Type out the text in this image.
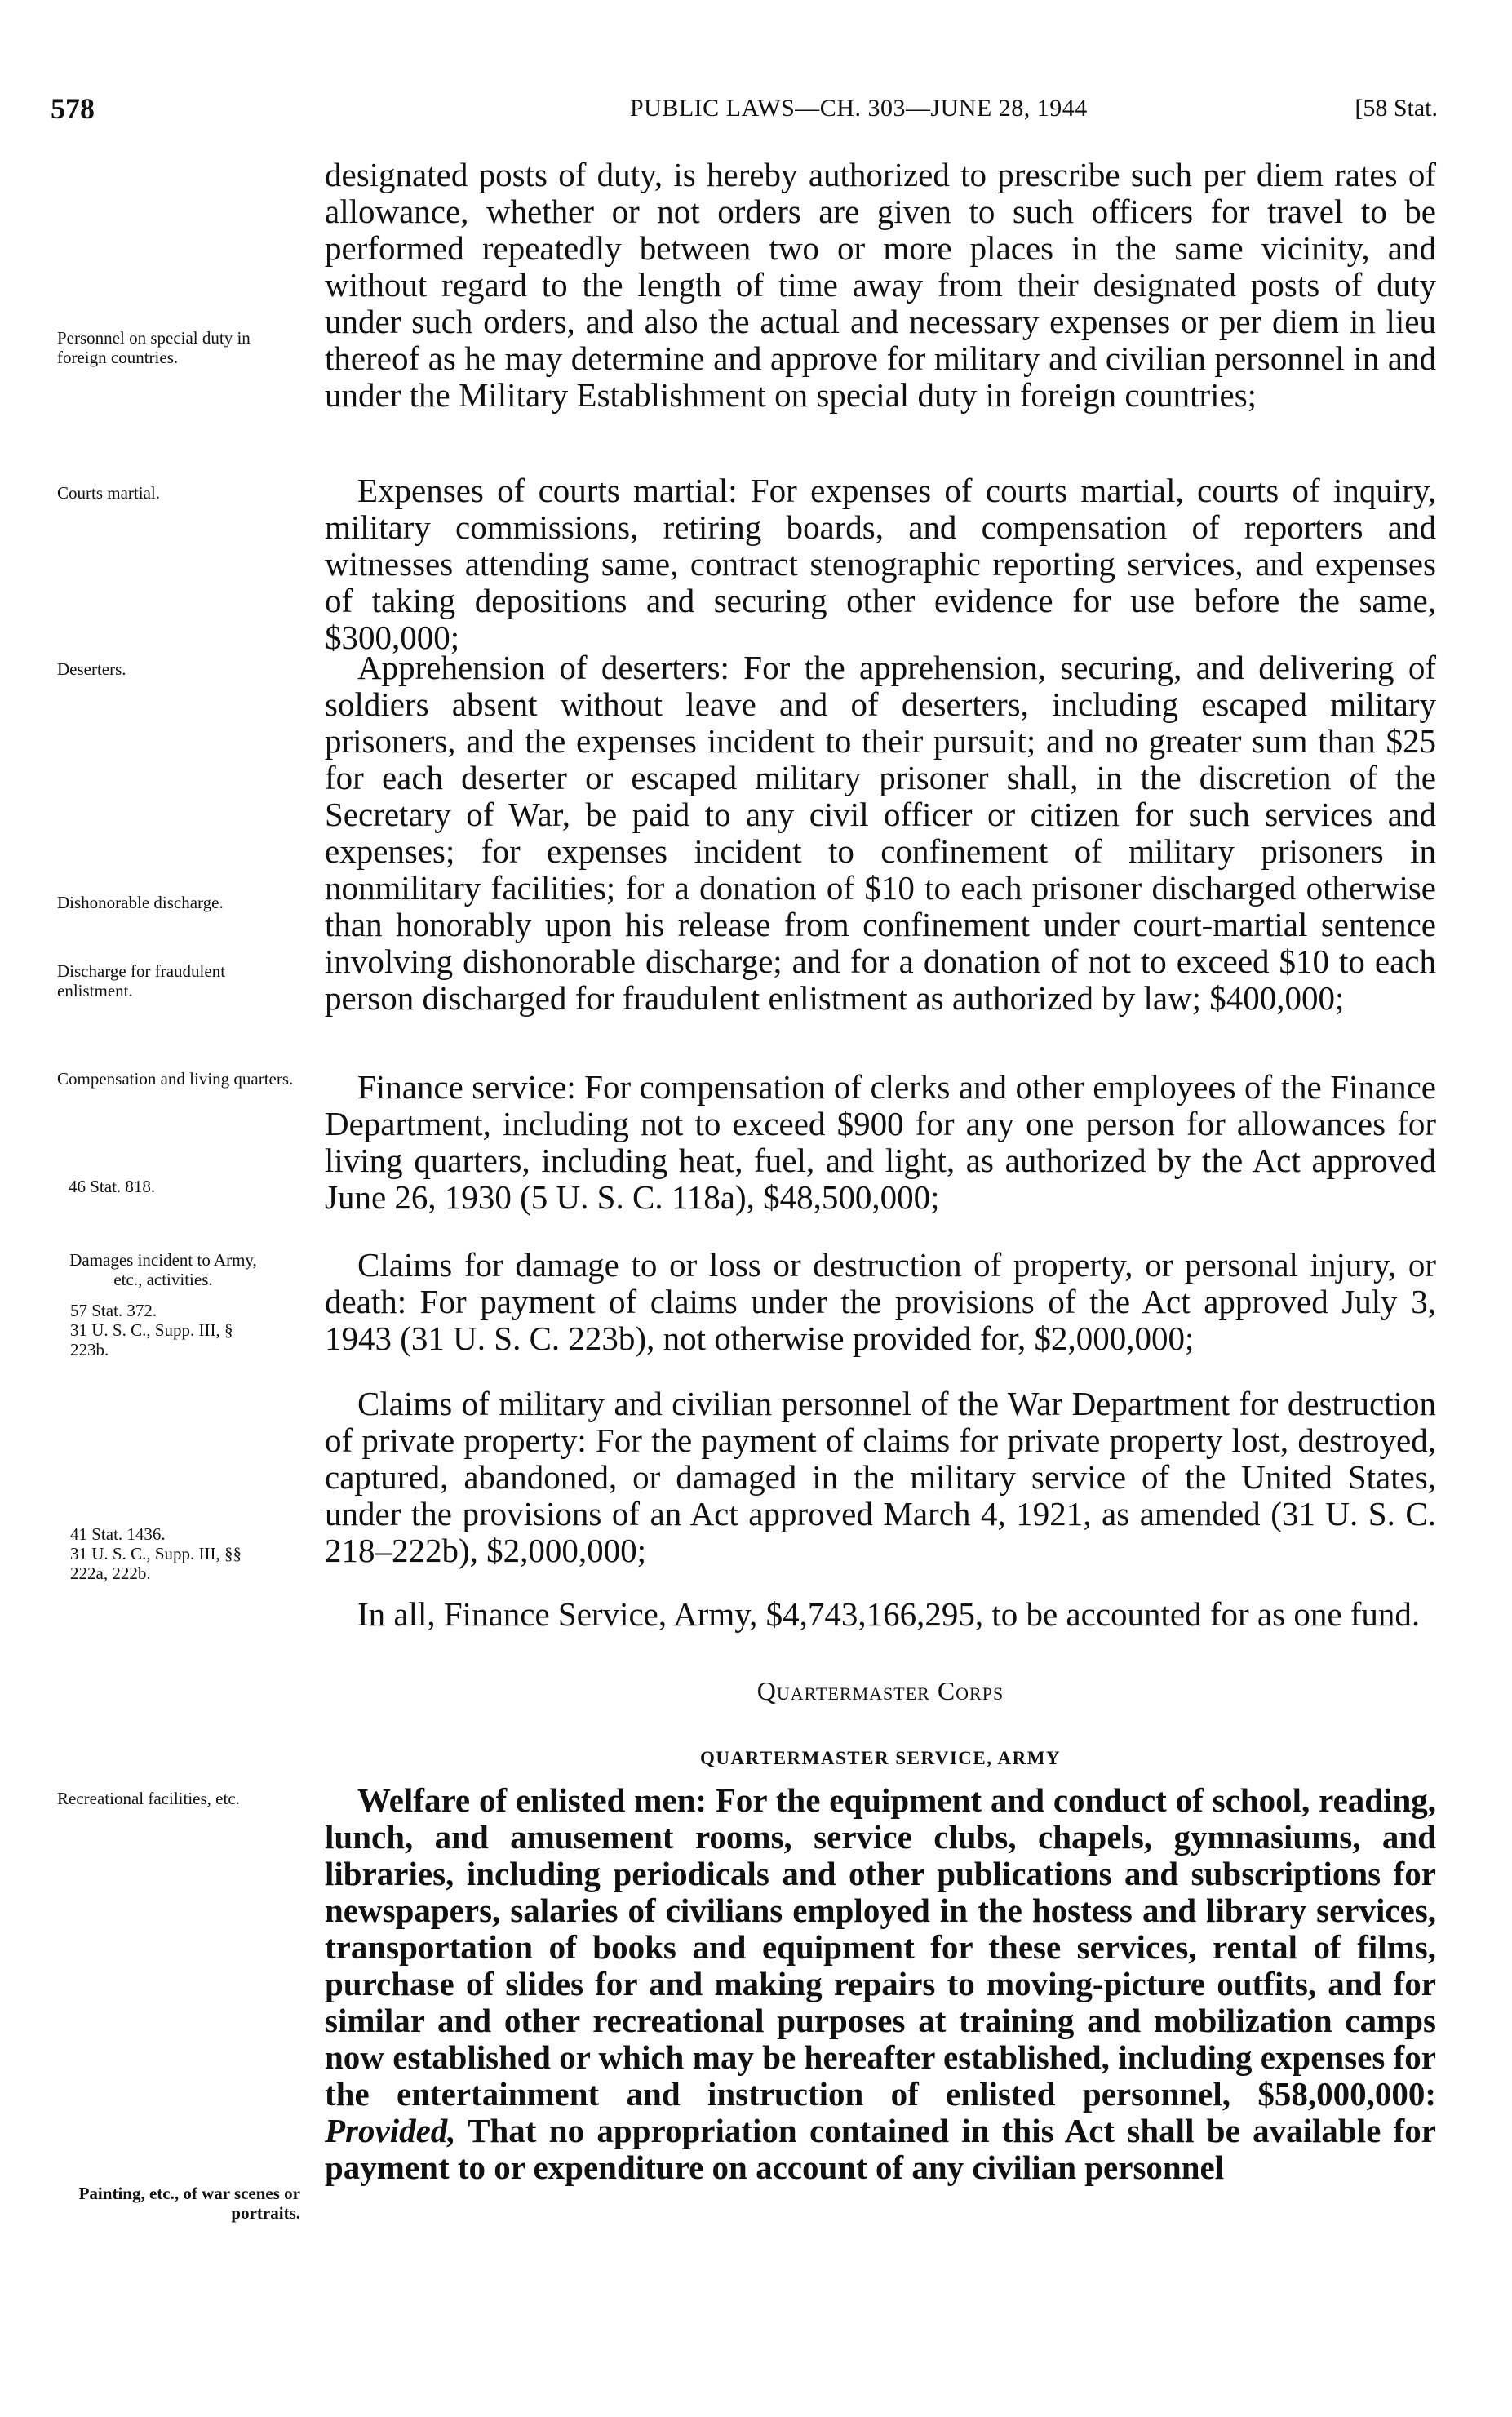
578	PUBLIC LAWS—CH. 303—JUNE 28, 1944	[58 Stat.
Personnel on special duty in foreign countries.
Courts martial.
Deserters.
Dishonorable discharge.
Discharge for fraudulent enlistment.
Compensation and living quarters.
46 Stat. 818.
Damages incident to Army, etc., activities.
57 Stat. 372.
31 U. S. C., Supp. III, § 223b.
41 Stat. 1436.
31 U. S. C., Supp. III, §§ 222a, 222b.
Recreational facilities, etc.
Painting, etc., of war scenes or portraits.
designated posts of duty, is hereby authorized to prescribe such per diem rates of allowance, whether or not orders are given to such officers for travel to be performed repeatedly between two or more places in the same vicinity, and without regard to the length of time away from their designated posts of duty under such orders, and also the actual and necessary expenses or per diem in lieu thereof as he may determine and approve for military and civilian personnel in and under the Military Establishment on special duty in foreign countries;
Expenses of courts martial: For expenses of courts martial, courts of inquiry, military commissions, retiring boards, and compensation of reporters and witnesses attending same, contract stenographic reporting services, and expenses of taking depositions and securing other evidence for use before the same, $300,000;
Apprehension of deserters: For the apprehension, securing, and delivering of soldiers absent without leave and of deserters, including escaped military prisoners, and the expenses incident to their pursuit; and no greater sum than $25 for each deserter or escaped military prisoner shall, in the discretion of the Secretary of War, be paid to any civil officer or citizen for such services and expenses; for expenses incident to confinement of military prisoners in nonmilitary facilities; for a donation of $10 to each prisoner discharged otherwise than honorably upon his release from confinement under court-martial sentence involving dishonorable discharge; and for a donation of not to exceed $10 to each person discharged for fraudulent enlistment as authorized by law; $400,000;
Finance service: For compensation of clerks and other employees of the Finance Department, including not to exceed $900 for any one person for allowances for living quarters, including heat, fuel, and light, as authorized by the Act approved June 26, 1930 (5 U. S. C. 118a), $48,500,000;
Claims for damage to or loss or destruction of property, or personal injury, or death: For payment of claims under the provisions of the Act approved July 3, 1943 (31 U. S. C. 223b), not otherwise provided for, $2,000,000;
Claims of military and civilian personnel of the War Department for destruction of private property: For the payment of claims for private property lost, destroyed, captured, abandoned, or damaged in the military service of the United States, under the provisions of an Act approved March 4, 1921, as amended (31 U. S. C. 218–222b), $2,000,000;
In all, Finance Service, Army, $4,743,166,295, to be accounted for as one fund.
Quartermaster Corps
QUARTERMASTER SERVICE, ARMY
Welfare of enlisted men: For the equipment and conduct of school, reading, lunch, and amusement rooms, service clubs, chapels, gymnasiums, and libraries, including periodicals and other publications and subscriptions for newspapers, salaries of civilians employed in the hostess and library services, transportation of books and equipment for these services, rental of films, purchase of slides for and making repairs to moving-picture outfits, and for similar and other recreational purposes at training and mobilization camps now established or which may be hereafter established, including expenses for the entertainment and instruction of enlisted personnel, $58,000,000: Provided, That no appropriation contained in this Act shall be available for payment to or expenditure on account of any civilian personnel
